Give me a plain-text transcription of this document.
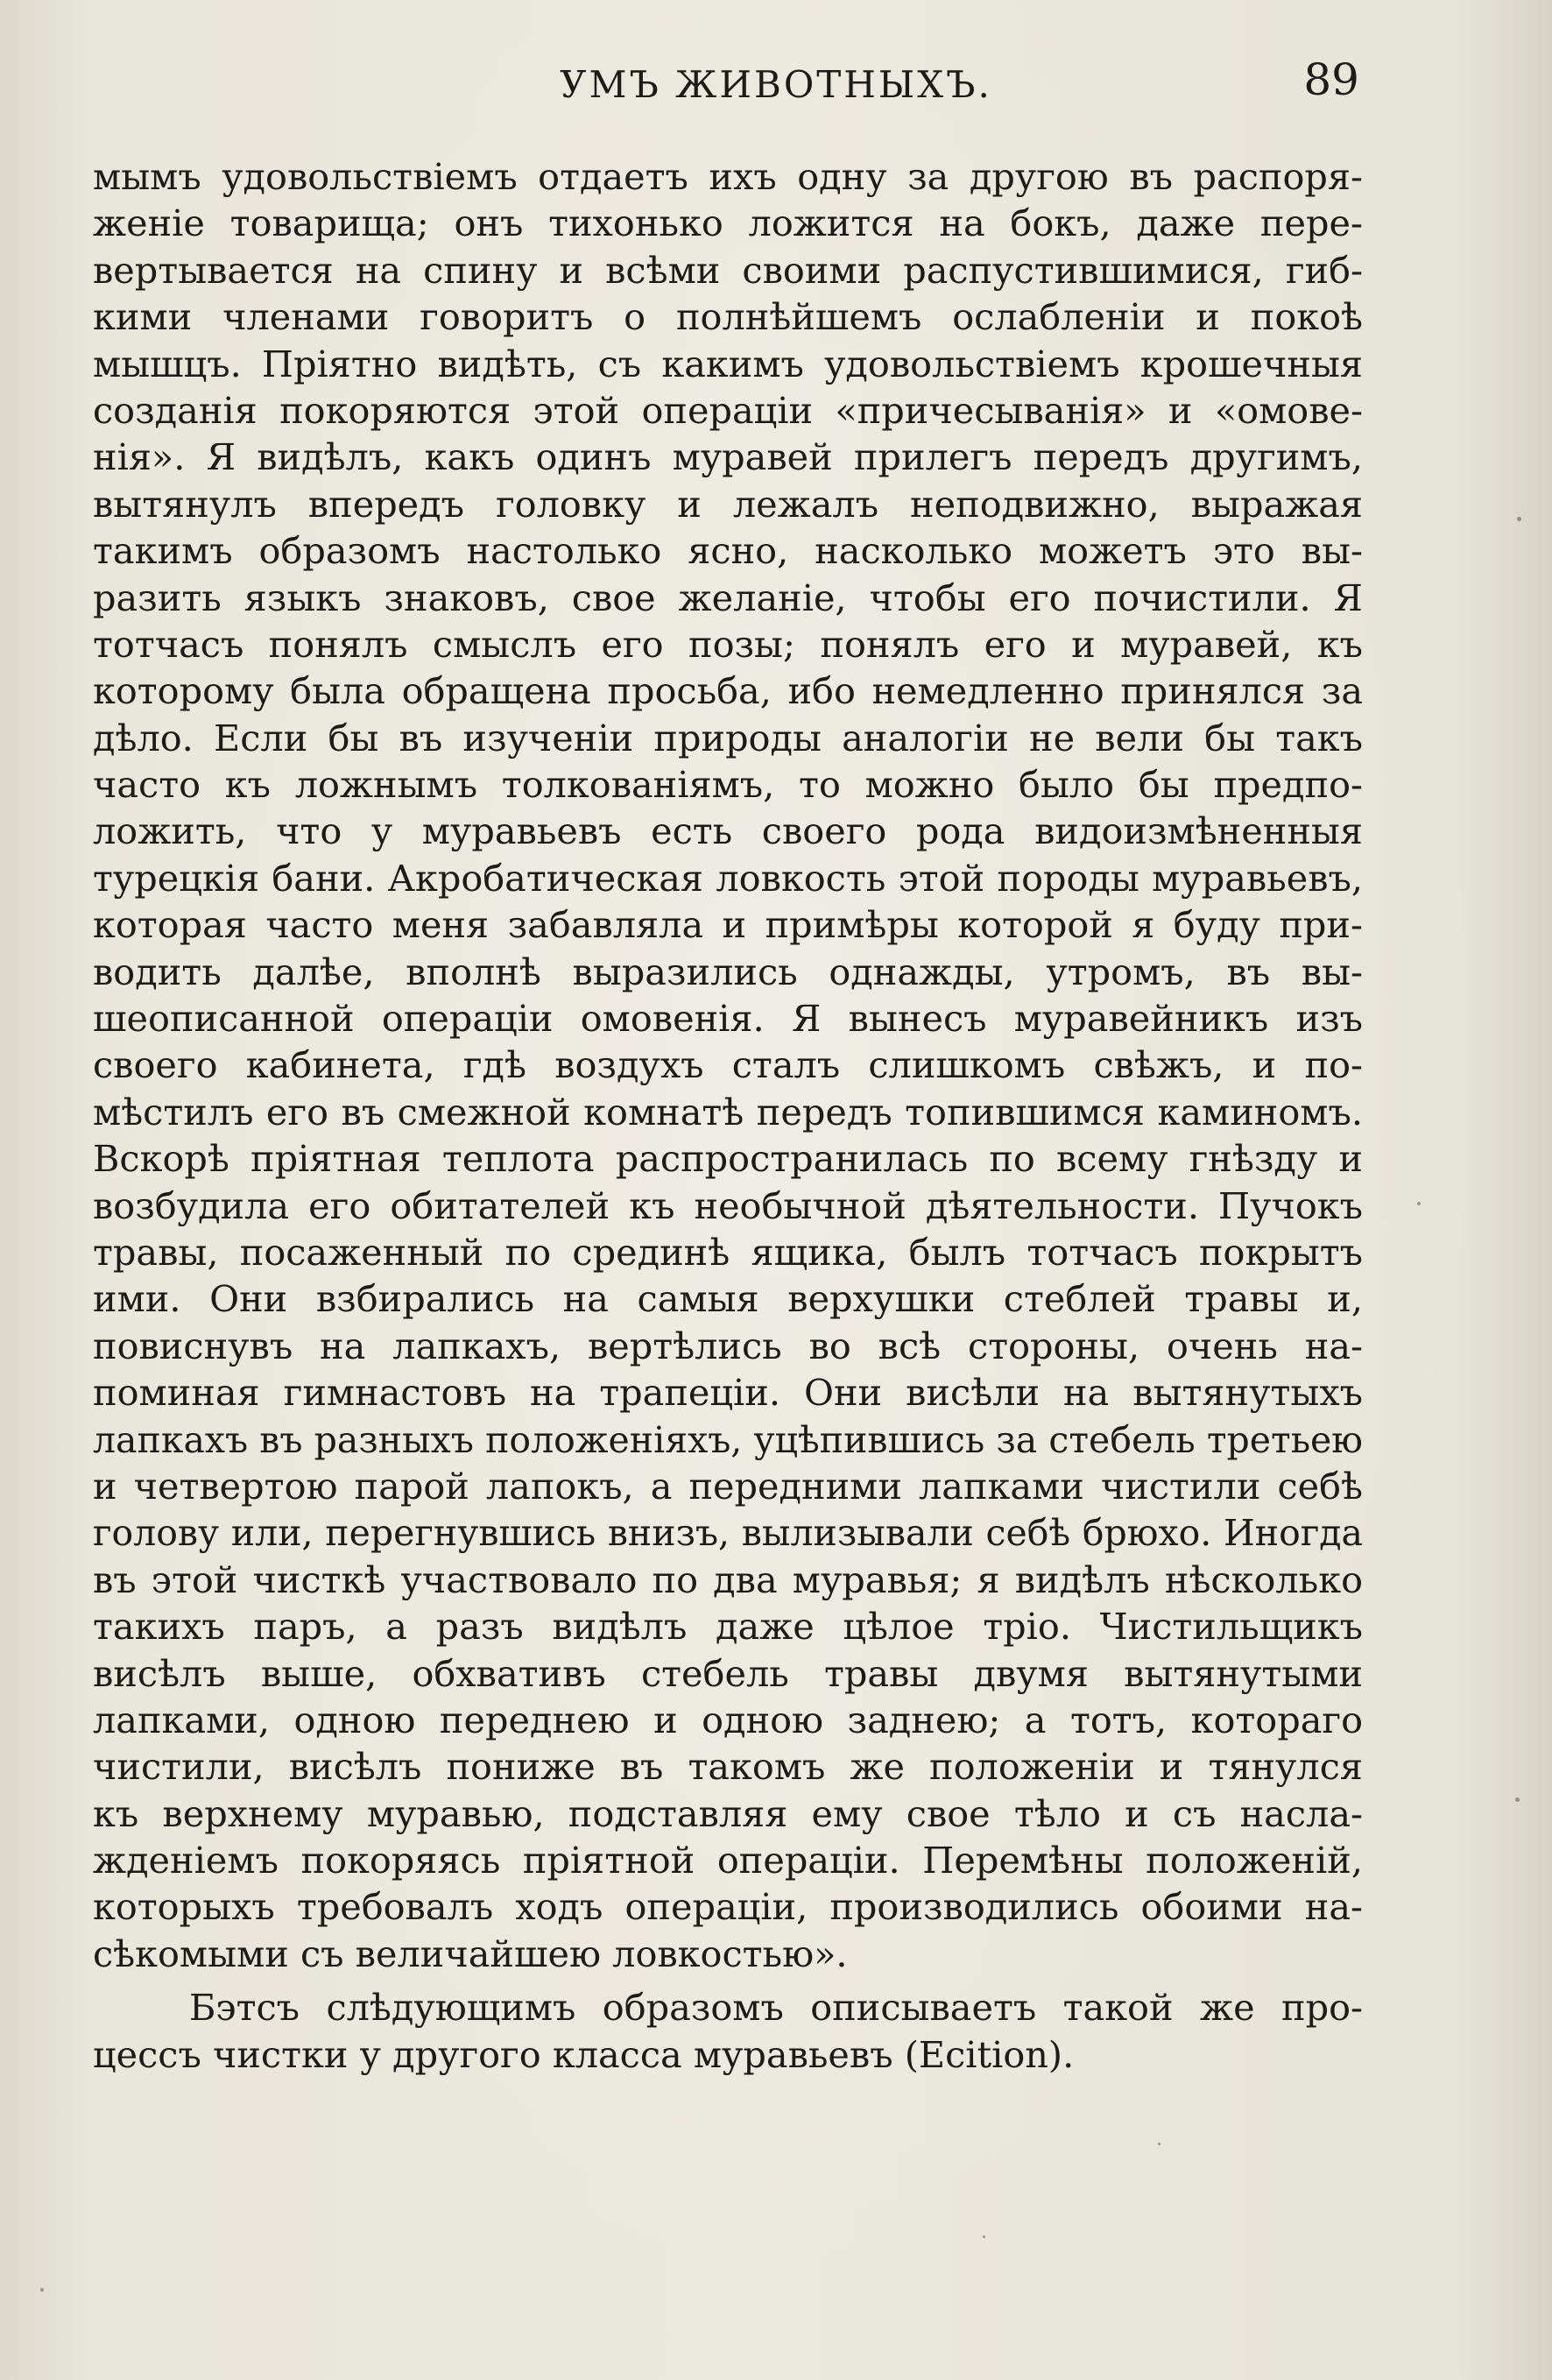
УМЪ ЖИВОТНЫХЪ.	89
мымъ удовольствіемъ отдаетъ ихъ одну за другою въ распоря-
женіе товарища; онъ тихонько ложится на бокъ, даже пере-
вертывается на спину и всѣми своими распустившимися, гиб-
кими членами говоритъ о полнѣйшемъ ослабленіи и покоѣ
мышцъ. Пріятно видѣть, съ какимъ удовольствіемъ крошечныя
созданія покоряются этой операціи «причесыванія» и «омове-
нія». Я видѣлъ, какъ одинъ муравей прилегъ передъ другимъ,
вытянулъ впередъ головку и лежалъ неподвижно, выражая
такимъ образомъ настолько ясно, насколько можетъ это вы-
разить языкъ знаковъ, свое желаніе, чтобы его почистили. Я
тотчасъ понялъ смыслъ его позы; понялъ его и муравей, къ
которому была обращена просьба, ибо немедленно принялся за
дѣло. Если бы въ изученіи природы аналогіи не вели бы такъ
часто къ ложнымъ толкованіямъ, то можно было бы предпо-
ложить, что у муравьевъ есть своего рода видоизмѣненныя
турецкія бани. Акробатическая ловкость этой породы муравьевъ,
которая часто меня забавляла и примѣры которой я буду при-
водить далѣе, вполнѣ выразились однажды, утромъ, въ вы-
шеописанной операціи омовенія. Я вынесъ муравейникъ изъ
своего кабинета, гдѣ воздухъ сталъ слишкомъ свѣжъ, и по-
мѣстилъ его въ смежной комнатѣ передъ топившимся каминомъ.
Вскорѣ пріятная теплота распространилась по всему гнѣзду и
возбудила его обитателей къ необычной дѣятельности. Пучокъ
травы, посаженный по срединѣ ящика, былъ тотчасъ покрытъ
ими. Они взбирались на самыя верхушки стеблей травы и,
повиснувъ на лапкахъ, вертѣлись во всѣ стороны, очень на-
поминая гимнастовъ на трапеціи. Они висѣли на вытянутыхъ
лапкахъ въ разныхъ положеніяхъ, уцѣпившись за стебель третьею
и четвертою парой лапокъ, а передними лапками чистили себѣ
голову или, перегнувшись внизъ, вылизывали себѣ брюхо. Иногда
въ этой чисткѣ участвовало по два муравья; я видѣлъ нѣсколько
такихъ паръ, а разъ видѣлъ даже цѣлое тріо. Чистильщикъ
висѣлъ выше, обхвативъ стебель травы двумя вытянутыми
лапками, одною переднею и одною заднею; а тотъ, котораго
чистили, висѣлъ пониже въ такомъ же положеніи и тянулся
къ верхнему муравью, подставляя ему свое тѣло и съ насла-
жденіемъ покоряясь пріятной операціи. Перемѣны положеній,
которыхъ требовалъ ходъ операціи, производились обоими на-
сѣкомыми съ величайшею ловкостью».
Бэтсъ слѣдующимъ образомъ описываетъ такой же про-
цессъ чистки у другого класса муравьевъ (Ecition).
